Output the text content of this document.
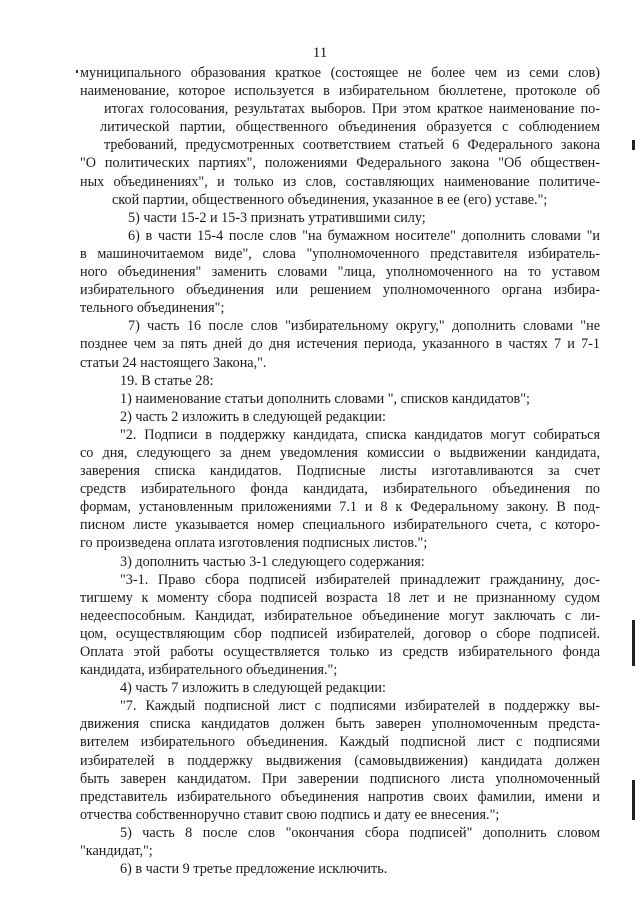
11
муниципального образования краткое (состоящее не более чем из семи слов)
наименование, которое используется в избирательном бюллетене, протоколе об
итогах голосования, результатах выборов. При этом краткое наименование по-
литической партии, общественного объединения образуется с соблюдением
требований, предусмотренных соответствием статьей 6 Федерального закона
"О политических партиях", положениями Федерального закона "Об обществен-
ных объединениях", и только из слов, составляющих наименование политиче-
ской партии, общественного объединения, указанное в ее (его) уставе.";
5) части 15-2 и 15-3 признать утратившими силу;
6) в части 15-4 после слов "на бумажном носителе" дополнить словами "и
в машиночитаемом виде", слова "уполномоченного представителя избиратель-
ного объединения" заменить словами "лица, уполномоченного на то уставом
избирательного объединения или решением уполномоченного органа избира-
тельного объединения";
7) часть 16 после слов "избирательному округу," дополнить словами "не
позднее чем за пять дней до дня истечения периода, указанного в частях 7 и 7-1
статьи 24 настоящего Закона,".
19. В статье 28:
1) наименование статьи дополнить словами ", списков кандидатов";
2) часть 2 изложить в следующей редакции:
"2. Подписи в поддержку кандидата, списка кандидатов могут собираться
со дня, следующего за днем уведомления комиссии о выдвижении кандидата,
заверения списка кандидатов. Подписные листы изготавливаются за счет
средств избирательного фонда кандидата, избирательного объединения по
формам, установленным приложениями 7.1 и 8 к Федеральному закону. В под-
писном листе указывается номер специального избирательного счета, с которо-
го произведена оплата изготовления подписных листов.";
3) дополнить частью 3-1 следующего содержания:
"3-1. Право сбора подписей избирателей принадлежит гражданину, дос-
тигшему к моменту сбора подписей возраста 18 лет и не признанному судом
недееспособным. Кандидат, избирательное объединение могут заключать с ли-
цом, осуществляющим сбор подписей избирателей, договор о сборе подписей.
Оплата этой работы осуществляется только из средств избирательного фонда
кандидата, избирательного объединения.";
4) часть 7 изложить в следующей редакции:
"7. Каждый подписной лист с подписями избирателей в поддержку вы-
движения списка кандидатов должен быть заверен уполномоченным предста-
вителем избирательного объединения. Каждый подписной лист с подписями
избирателей в поддержку выдвижения (самовыдвижения) кандидата должен
быть заверен кандидатом. При заверении подписного листа уполномоченный
представитель избирательного объединения напротив своих фамилии, имени и
отчества собственноручно ставит свою подпись и дату ее внесения.";
5) часть 8 после слов "окончания сбора подписей" дополнить словом
"кандидат,";
6) в части 9 третье предложение исключить.
